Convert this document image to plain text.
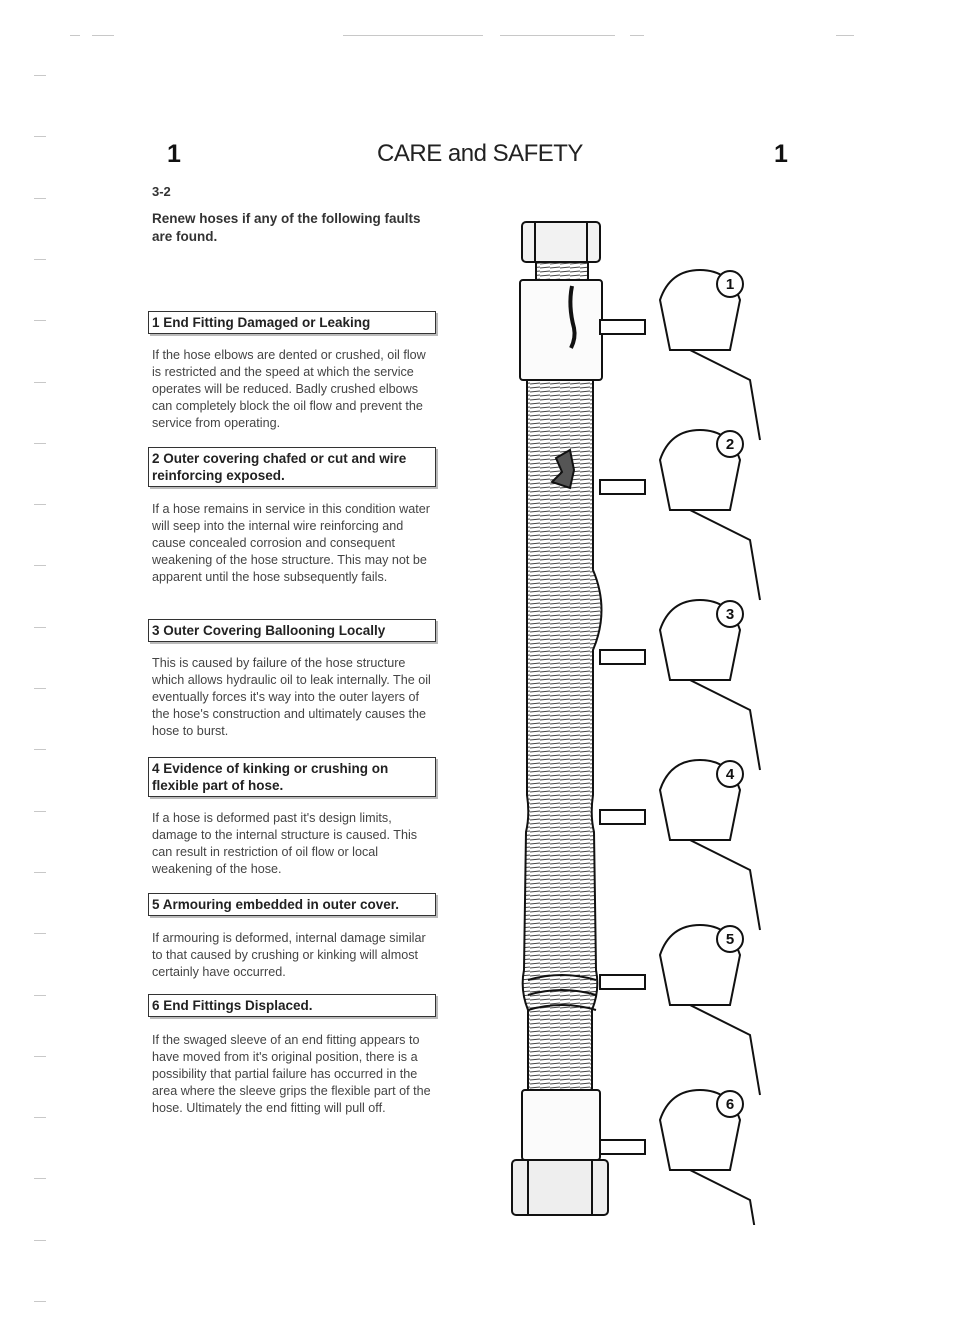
1	CARE and SAFETY	1
3-2
Renew hoses if any of the following faults are found.
1 End Fitting Damaged or Leaking
If the hose elbows are dented or crushed, oil flow is restricted and the speed at which the service operates will be reduced. Badly crushed elbows can completely block the oil flow and prevent the service from operating.
2 Outer covering chafed or cut and wire reinforcing exposed.
If a hose remains in service in this condition water will seep into the internal wire reinforcing and cause concealed corrosion and consequent weakening of the hose structure. This may not be apparent until the hose subsequently fails.
3 Outer Covering Ballooning Locally
This is caused by failure of the hose structure which allows hydraulic oil to leak internally. The oil eventually forces it's way into the outer layers of the hose's construction and ultimately causes the hose to burst.
4 Evidence of kinking or crushing on flexible part of hose.
If a hose is deformed past it's design limits, damage to the internal structure is caused. This can result in restriction of oil flow or local weakening of the hose.
5 Armouring embedded in outer cover.
If armouring is deformed, internal damage similar to that caused by crushing or kinking will almost certainly have occurred.
6 End Fittings Displaced.
If the swaged sleeve of an end fitting appears to have moved from it's original position, there is a possibility that partial failure has occurred in the area where the sleeve grips the flexible part of the hose. Ultimately the end fitting will pull off.
1
2
3
4
5
6
